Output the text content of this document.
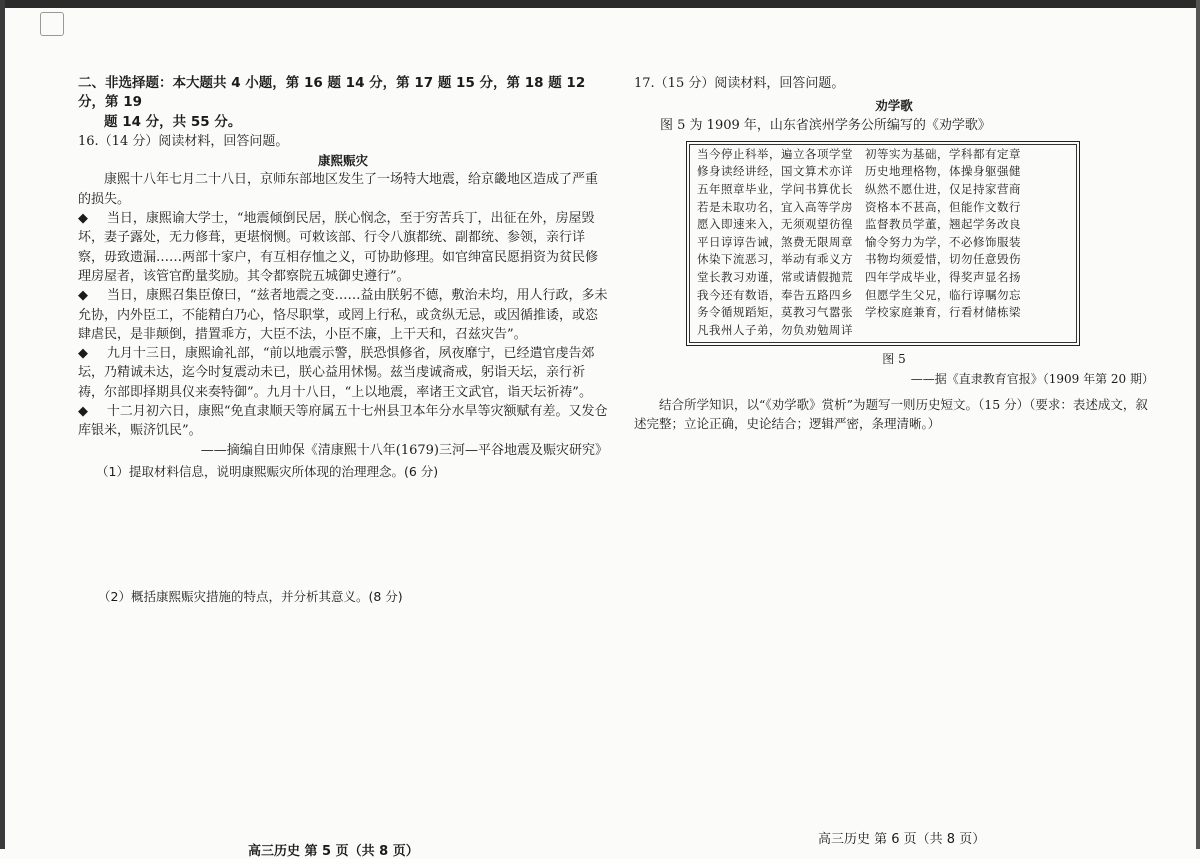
二、非选择题：本大题共 4 小题，第 16 题 14 分，第 17 题 15 分，第 18 题 12 分，第 19

题 14 分，共 55 分。

16.（14 分）阅读材料，回答问题。

康熙赈灾

康熙十八年七月二十八日，京师东部地区发生了一场特大地震，给京畿地区造成了严重的损失。

◆ 当日，康熙谕大学士，“地震倾倒民居，朕心悯念，至于穷苦兵丁，出征在外，房屋毁坏，妻子露处，无力修葺，更堪悯恻。可敕该部、行令八旗都统、副都统、参领，亲行详察，毋致遗漏……两部十家户，有互相存恤之义，可协助修理。如官绅富民愿捐资为贫民修理房屋者，该管官酌量奖励。其令都察院五城御史遵行”。

◆ 当日，康熙召集臣僚曰，“兹者地震之变……益由朕躬不德，敷治未均，用人行政，多未允协，内外臣工，不能精白乃心，恪尽职掌，或罔上行私，或贪纵无忌，或因循推诿，或恣肆虐民，是非颠倒，措置乖方，大臣不法，小臣不廉，上干天和，召兹灾告”。

◆ 九月十三日，康熙谕礼部，“前以地震示警，朕恐惧修省，夙夜靡宁，已经遣官虔告郊坛，乃精诚未达，迄今时复震动未已，朕心益用怵惕。兹当虔诚斋戒，躬诣天坛，亲行祈祷，尔部即择期具仪来奏特御”。九月十八日，“上以地震，率诸王文武官，诣天坛祈祷”。

◆ 十二月初六日，康熙“免直隶顺天等府属五十七州县卫本年分水旱等灾额赋有差。又发仓库银米，赈济饥民”。

——摘编自田帅保《清康熙十八年(1679)三河—平谷地震及赈灾研究》

（1）提取材料信息，说明康熙赈灾所体现的治理理念。(6 分)

（2）概括康熙赈灾措施的特点，并分析其意义。(8 分)

17.（15 分）阅读材料，回答问题。

劝学歌

图 5 为 1909 年，山东省滨州学务公所编写的《劝学歌》

当今停止科举，遍立各项学堂　初等实为基础，学科都有定章
修身读经讲经，国文算术亦详　历史地理格物，体操身躯强健
五年照章毕业，学问书算优长　纵然不愿仕进，仅足持家营商
若是未取功名，宜入高等学房　资格本不甚高，但能作文数行
愿入即速来入，无须观望彷徨　监督教员学董，翘起学务改良
平日谆谆告诫，煞费无限周章　愉令努力为学，不必修饰服装
休染下流恶习，举动有乖义方　书物均须爱惜，切勿任意毁伤
堂长教习劝谨，常或请假抛荒　四年学成毕业，得奖声显名扬
我今还有数语，奉告五路四乡　但愿学生父兄，临行谆嘱勿忘
务令循规蹈矩，莫教习气嚣张　学校家庭兼育，行看材储栋梁
凡我州人子弟，勿负劝勉周详

图 5

——据《直隶教育官报》（1909 年第 20 期）

结合所学知识，以“《劝学歌》赏析”为题写一则历史短文。（15 分）（要求：表述成文，叙述完整；立论正确，史论结合；逻辑严密，条理清晰。）

高三历史 第 5 页（共 8 页）
高三历史 第 6 页（共 8 页）
